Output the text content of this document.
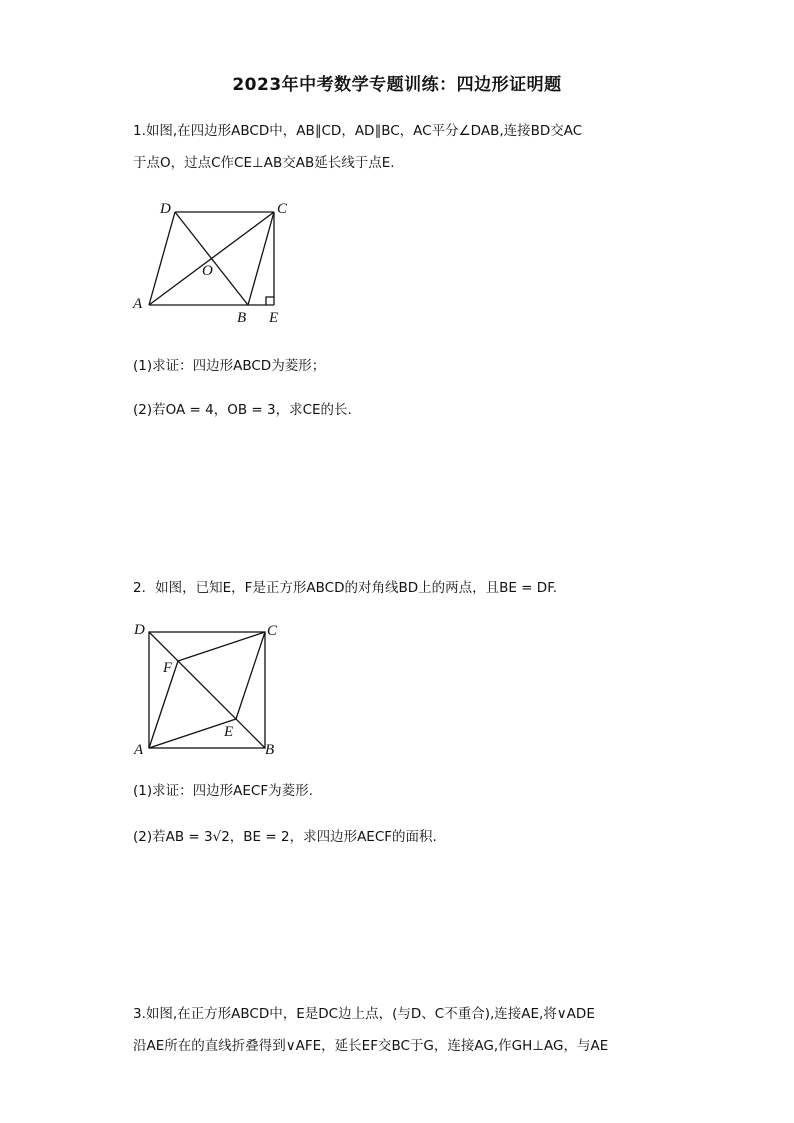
2023年中考数学专题训练：四边形证明题
1.如图,在四边形ABCD中，AB∥CD，AD∥BC，AC平分∠DAB,连接BD交AC
于点O，过点C作CE⊥AB交AB延长线于点E.
D	C
O
A
B E
(1)求证：四边形ABCD为菱形；
(2)若OA = 4，OB = 3，求CE的长.
2．如图，已知E，F是正方形ABCD的对角线BD上的两点，且BE = DF.
D	C
F
E
A	B
(1)求证：四边形AECF为菱形.
(2)若AB = 3√2，BE = 2，求四边形AECF的面积.
3.如图,在正方形ABCD中，E是DC边上点，(与D、C不重合),连接AE,将∨ADE
沿AE所在的直线折叠得到∨AFE，延长EF交BC于G，连接AG,作GH⊥AG，与AE
